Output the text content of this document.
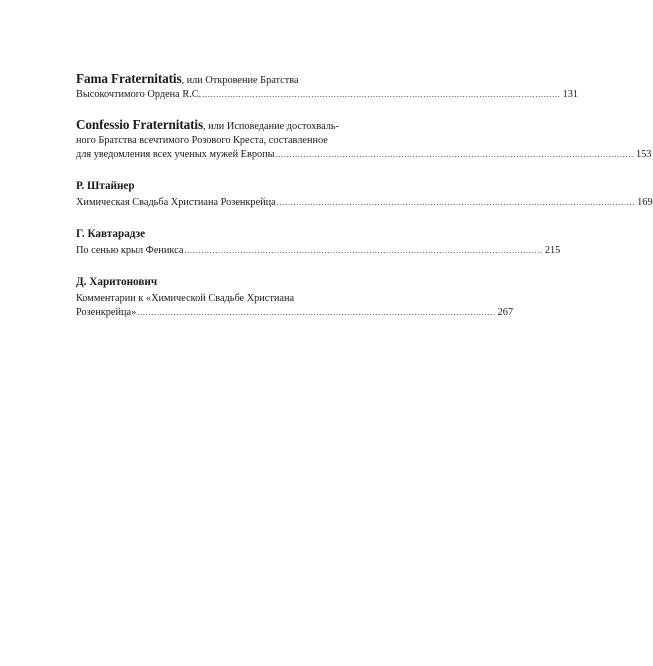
Fama Fraternitatis, или Откровение Братства

Высокочтимого Ордена R.C. ................................................................................................................................ 131

Confessio Fraternitatis, или Исповедание достохваль-

ного Братства всечтимого Розового Креста, составленное

для уведомления всех ученых мужей Европы ................................................................................................................................ 153

Р. Штайнер

Химическая Свадьба Христиана Розенкрейца ................................................................................................................................ 169

Г. Кавтарадзе

По сенью крыл Феникса ................................................................................................................................ 215

Д. Харитонович

Комментарии к «Химической Свадьбе Христиана

Розенкрейца» ................................................................................................................................ 267
